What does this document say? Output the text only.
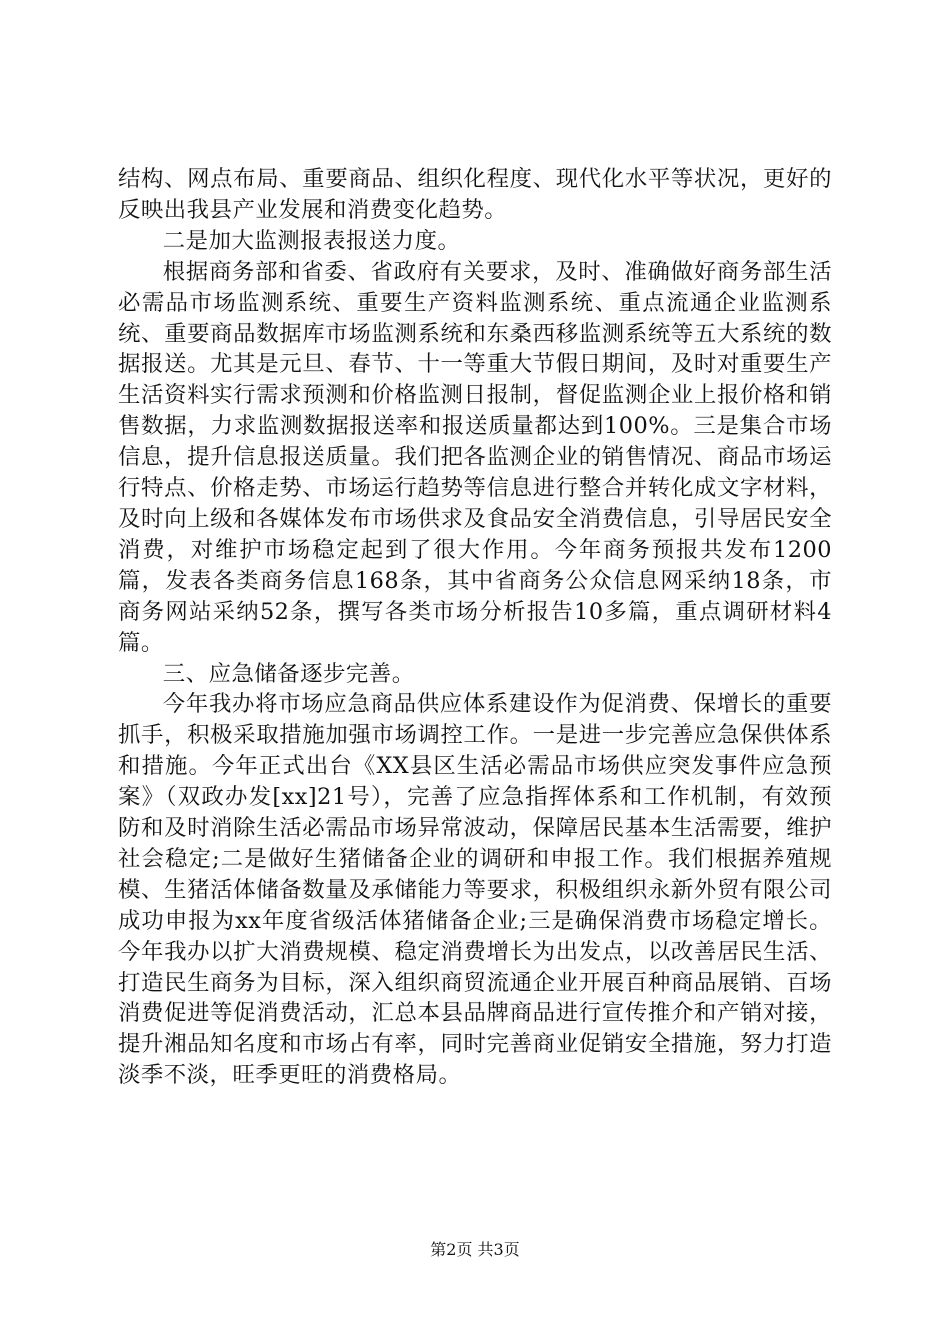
结构、网点布局、重要商品、组织化程度、现代化水平等状况，更好的反映出我县产业发展和消费变化趋势。

二是加大监测报表报送力度。

根据商务部和省委、省政府有关要求，及时、准确做好商务部生活必需品市场监测系统、重要生产资料监测系统、重点流通企业监测系统、重要商品数据库市场监测系统和东桑西移监测系统等五大系统的数据报送。尤其是元旦、春节、十一等重大节假日期间，及时对重要生产生活资料实行需求预测和价格监测日报制，督促监测企业上报价格和销售数据，力求监测数据报送率和报送质量都达到100%。三是集合市场信息，提升信息报送质量。我们把各监测企业的销售情况、商品市场运行特点、价格走势、市场运行趋势等信息进行整合并转化成文字材料，及时向上级和各媒体发布市场供求及食品安全消费信息，引导居民安全消费，对维护市场稳定起到了很大作用。今年商务预报共发布1200篇，发表各类商务信息168条，其中省商务公众信息网采纳18条，市商务网站采纳52条，撰写各类市场分析报告10多篇，重点调研材料4篇。

三、应急储备逐步完善。

今年我办将市场应急商品供应体系建设作为促消费、保增长的重要抓手，积极采取措施加强市场调控工作。一是进一步完善应急保供体系和措施。今年正式出台《XX县区生活必需品市场供应突发事件应急预案》（双政办发[xx]21号），完善了应急指挥体系和工作机制，有效预防和及时消除生活必需品市场异常波动，保障居民基本生活需要，维护社会稳定;二是做好生猪储备企业的调研和申报工作。我们根据养殖规模、生猪活体储备数量及承储能力等要求，积极组织永新外贸有限公司成功申报为xx年度省级活体猪储备企业;三是确保消费市场稳定增长。今年我办以扩大消费规模、稳定消费增长为出发点，以改善居民生活、打造民生商务为目标，深入组织商贸流通企业开展百种商品展销、百场消费促进等促消费活动，汇总本县品牌商品进行宣传推介和产销对接，提升湘品知名度和市场占有率，同时完善商业促销安全措施，努力打造淡季不淡，旺季更旺的消费格局。

第2页 共3页
